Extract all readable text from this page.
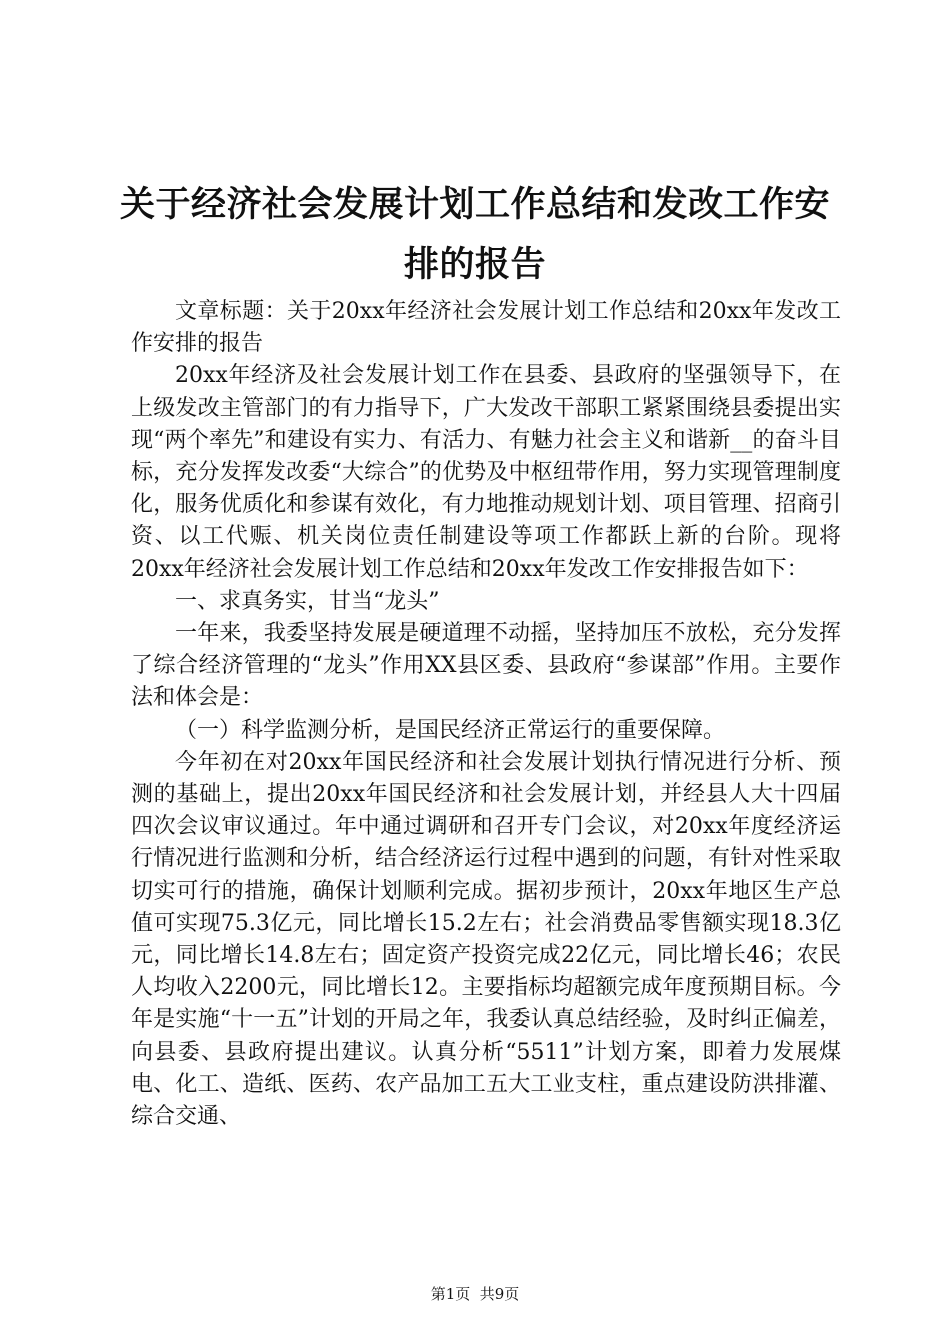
关于经济社会发展计划工作总结和发改工作安排的报告

文章标题：关于20xx年经济社会发展计划工作总结和20xx年发改工作安排的报告

20xx年经济及社会发展计划工作在县委、县政府的坚强领导下，在上级发改主管部门的有力指导下，广大发改干部职工紧紧围绕县委提出实现“两个率先”和建设有实力、有活力、有魅力社会主义和谐新__的奋斗目标，充分发挥发改委“大综合”的优势及中枢纽带作用，努力实现管理制度化，服务优质化和参谋有效化，有力地推动规划计划、项目管理、招商引资、以工代赈、机关岗位责任制建设等项工作都跃上新的台阶。现将20xx年经济社会发展计划工作总结和20xx年发改工作安排报告如下：

一、求真务实，甘当“龙头”

一年来，我委坚持发展是硬道理不动摇，坚持加压不放松，充分发挥了综合经济管理的“龙头”作用XX县区委、县政府“参谋部”作用。主要作法和体会是：

（一）科学监测分析，是国民经济正常运行的重要保障。

今年初在对20xx年国民经济和社会发展计划执行情况进行分析、预测的基础上，提出20xx年国民经济和社会发展计划，并经县人大十四届四次会议审议通过。年中通过调研和召开专门会议，对20xx年度经济运行情况进行监测和分析，结合经济运行过程中遇到的问题，有针对性采取切实可行的措施，确保计划顺利完成。据初步预计，20xx年地区生产总值可实现75.3亿元，同比增长15.2左右；社会消费品零售额实现18.3亿元，同比增长14.8左右；固定资产投资完成22亿元，同比增长46；农民人均收入2200元，同比增长12。主要指标均超额完成年度预期目标。今年是实施“十一五”计划的开局之年，我委认真总结经验，及时纠正偏差，向县委、县政府提出建议。认真分析“5511”计划方案，即着力发展煤电、化工、造纸、医药、农产品加工五大工业支柱，重点建设防洪排灌、综合交通、

第1页  共9页
